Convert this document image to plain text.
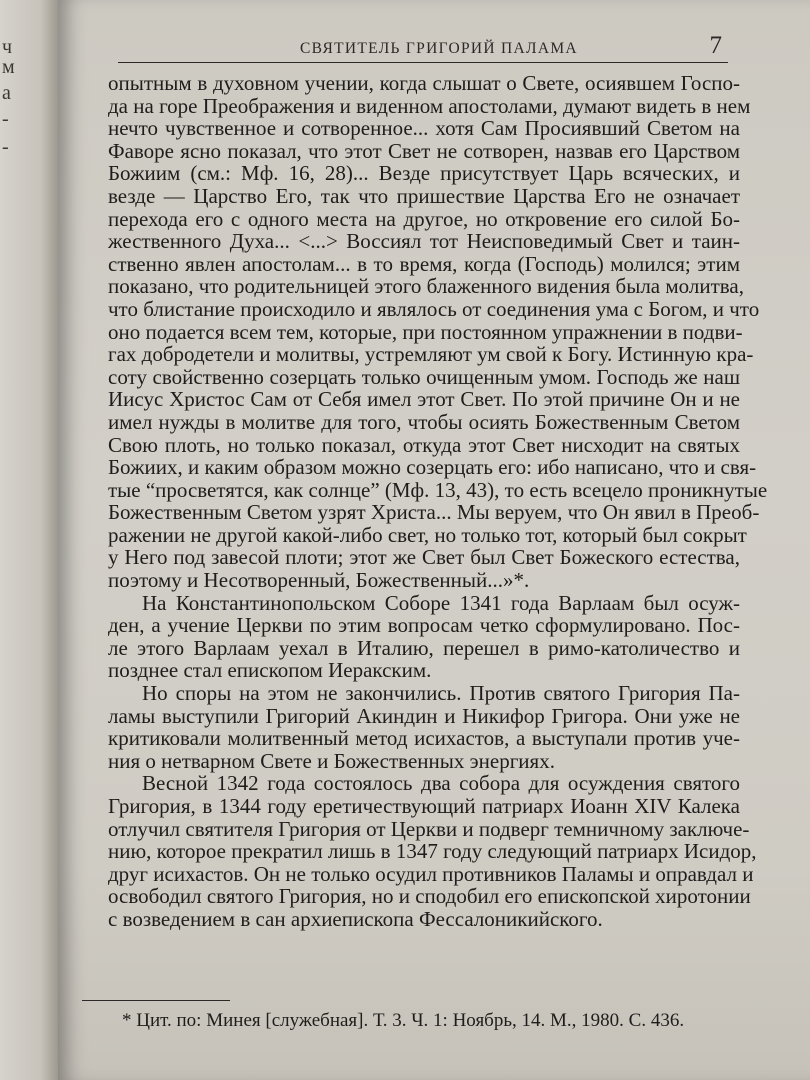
ч
м
а
-
-
СВЯТИТЕЛЬ ГРИГОРИЙ ПАЛАМА	7
опытным в духовном учении, когда слышат о Свете, осиявшем Госпо-
да на горе Преображения и виденном апостолами, думают видеть в нем
нечто чувственное и сотворенное... хотя Сам Просиявший Светом на
Фаворе ясно показал, что этот Свет не сотворен, назвав его Царством
Божиим (см.: Мф. 16, 28)... Везде присутствует Царь всяческих, и
везде — Царство Его, так что пришествие Царства Его не означает
перехода его с одного места на другое, но откровение его силой Бо-
жественного Духа... <...> Воссиял тот Неисповедимый Свет и таин-
ственно явлен апостолам... в то время, когда (Господь) молился; этим
показано, что родительницей этого блаженного видения была молитва,
что блистание происходило и являлось от соединения ума с Богом, и что
оно подается всем тем, которые, при постоянном упражнении в подви-
гах добродетели и молитвы, устремляют ум свой к Богу. Истинную кра-
соту свойственно созерцать только очищенным умом. Господь же наш
Иисус Христос Сам от Себя имел этот Свет. По этой причине Он и не
имел нужды в молитве для того, чтобы осиять Божественным Светом
Свою плоть, но только показал, откуда этот Свет нисходит на святых
Божиих, и каким образом можно созерцать его: ибо написано, что и свя-
тые “просветятся, как солнце” (Мф. 13, 43), то есть всецело проникнутые
Божественным Светом узрят Христа... Мы веруем, что Он явил в Преоб-
ражении не другой какой-либо свет, но только тот, который был сокрыт
у Него под завесой плоти; этот же Свет был Свет Божеского естества,
поэтому и Несотворенный, Божественный...»*.
На Константинопольском Соборе 1341 года Варлаам был осуж-
ден, а учение Церкви по этим вопросам четко сформулировано. Пос-
ле этого Варлаам уехал в Италию, перешел в римо-католичество и
позднее стал епископом Иеракским.
Но споры на этом не закончились. Против святого Григория Па-
ламы выступили Григорий Акиндин и Никифор Григора. Они уже не
критиковали молитвенный метод исихастов, а выступали против уче-
ния о нетварном Свете и Божественных энергиях.
Весной 1342 года состоялось два собора для осуждения святого
Григория, в 1344 году еретичествующий патриарх Иоанн XIV Калека
отлучил святителя Григория от Церкви и подверг темничному заключе-
нию, которое прекратил лишь в 1347 году следующий патриарх Исидор,
друг исихастов. Он не только осудил противников Паламы и оправдал и
освободил святого Григория, но и сподобил его епископской хиротонии
с возведением в сан архиепископа Фессалоникийского.
* Цит. по: Минея [служебная]. Т. 3. Ч. 1: Ноябрь, 14. М., 1980. С. 436.
